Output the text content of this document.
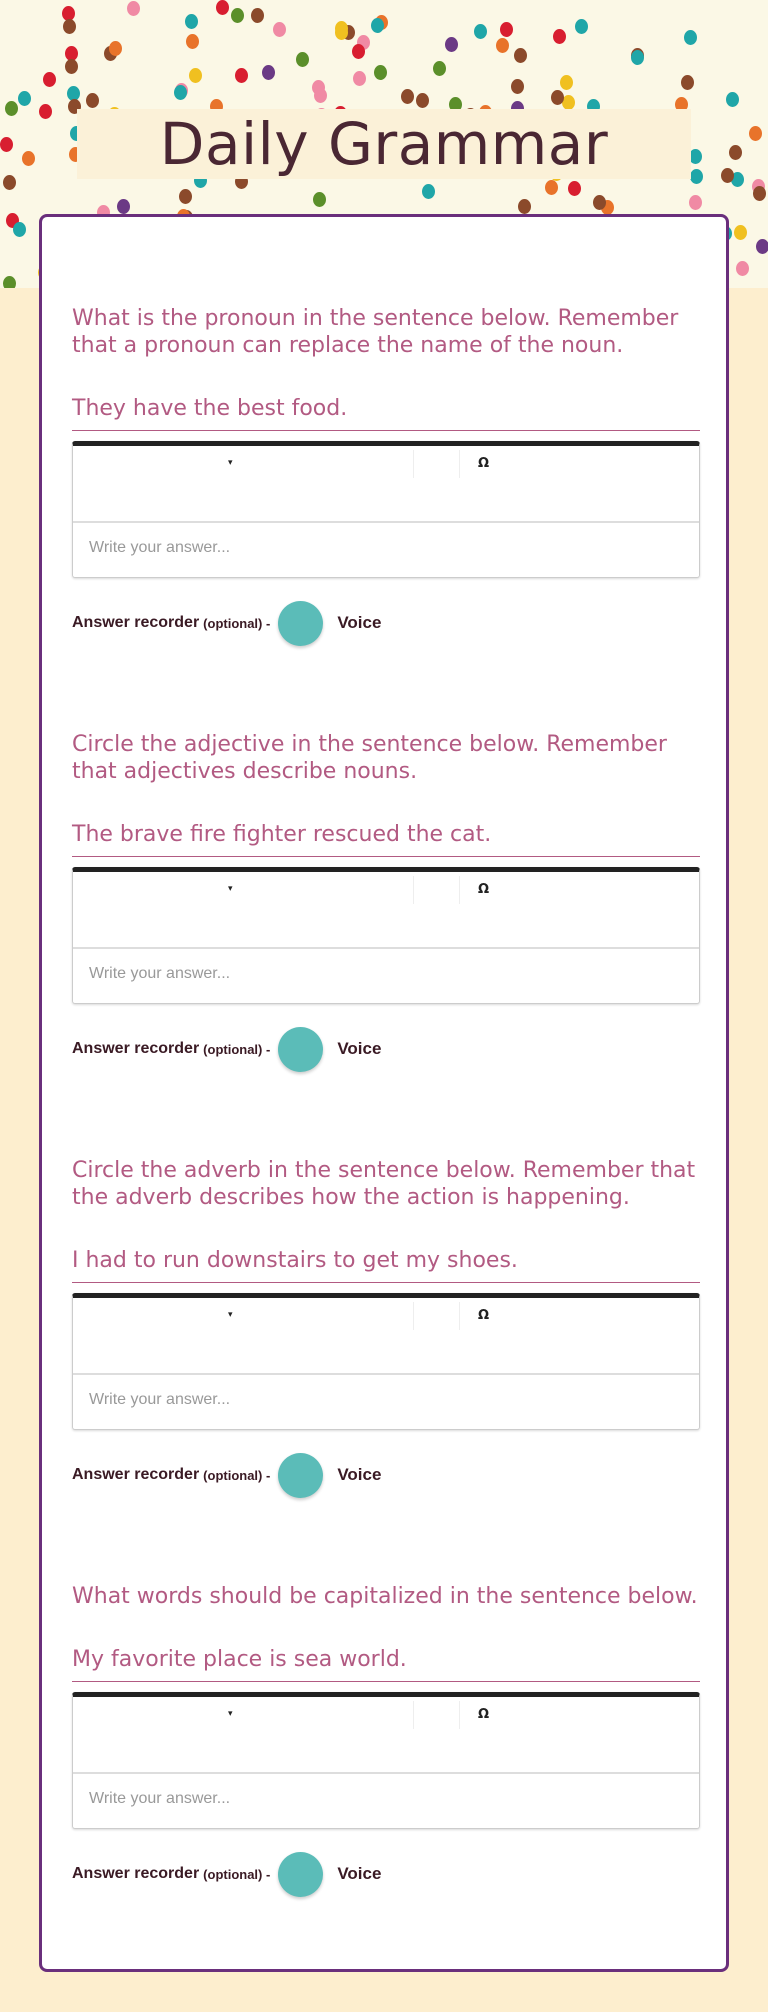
Daily Grammar
What is the pronoun in the sentence below. Remember that a pronoun can replace the name of the noun.
They have the best food.
▾	Ω
Write your answer...
Answer recorder (optional) -	Voice
Circle the adjective in the sentence below. Remember that adjectives describe nouns.
The brave fire fighter rescued the cat.
▾	Ω
Write your answer...
Answer recorder (optional) -	Voice
Circle the adverb in the sentence below. Remember that the adverb describes how the action is happening.
I had to run downstairs to get my shoes.
▾	Ω
Write your answer...
Answer recorder (optional) -	Voice
What words should be capitalized in the sentence below.
My favorite place is sea world.
▾	Ω
Write your answer...
Answer recorder (optional) -	Voice
